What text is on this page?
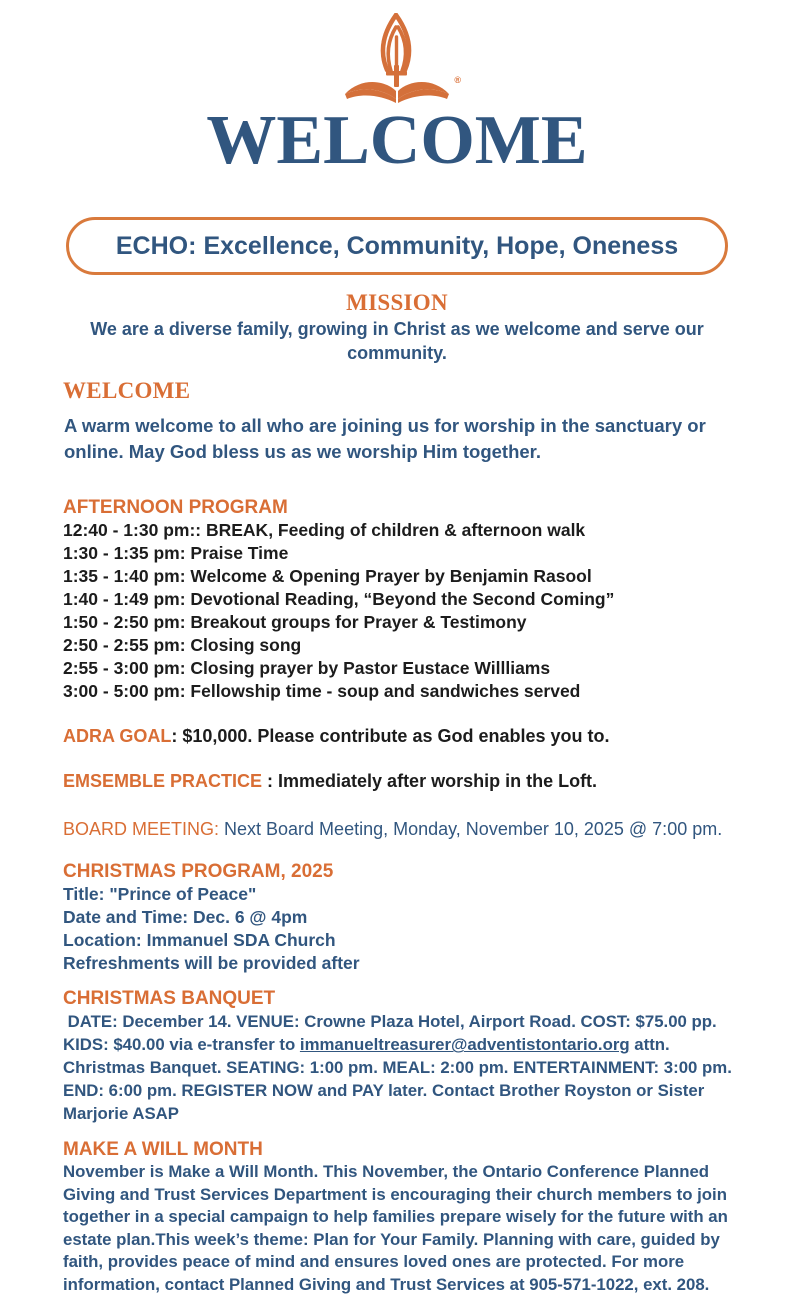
®
WELCOME
ECHO: Excellence, Community, Hope, Oneness
MISSION
We are a diverse family, growing in Christ as we welcome and serve our community.
WELCOME
A warm welcome to all who are joining us for worship in the sanctuary or online. May God bless us as we worship Him together.
AFTERNOON PROGRAM
12:40 - 1:30 pm:: BREAK, Feeding of children & afternoon walk
1:30 - 1:35 pm: Praise Time
1:35 - 1:40 pm: Welcome & Opening Prayer by Benjamin Rasool
1:40 - 1:49 pm: Devotional Reading, “Beyond the Second Coming”
1:50 - 2:50 pm: Breakout groups for Prayer & Testimony
2:50 - 2:55 pm: Closing song
2:55 - 3:00 pm: Closing prayer by Pastor Eustace Willliams
3:00 - 5:00 pm: Fellowship time - soup and sandwiches served
ADRA GOAL: $10,000. Please contribute as God enables you to.
EMSEMBLE PRACTICE : Immediately after worship in the Loft.
BOARD MEETING: Next Board Meeting, Monday, November 10, 2025 @ 7:00 pm.
CHRISTMAS PROGRAM, 2025
Title: "Prince of Peace"
Date and Time: Dec. 6 @ 4pm
Location: Immanuel SDA Church
Refreshments will be provided after
CHRISTMAS BANQUET
DATE: December 14. VENUE: Crowne Plaza Hotel, Airport Road. COST: $75.00 pp. KIDS: $40.00 via e-transfer to immanueltreasurer@adventistontario.org attn. Christmas Banquet. SEATING: 1:00 pm. MEAL: 2:00 pm. ENTERTAINMENT: 3:00 pm. END: 6:00 pm. REGISTER NOW and PAY later. Contact Brother Royston or Sister Marjorie ASAP
MAKE A WILL MONTH
November is Make a Will Month. This November, the Ontario Conference Planned Giving and Trust Services Department is encouraging their church members to join together in a special campaign to help families prepare wisely for the future with an estate plan.This week’s theme: Plan for Your Family. Planning with care, guided by faith, provides peace of mind and ensures loved ones are protected. For more information, contact Planned Giving and Trust Services at 905-571-1022, ext. 208.
